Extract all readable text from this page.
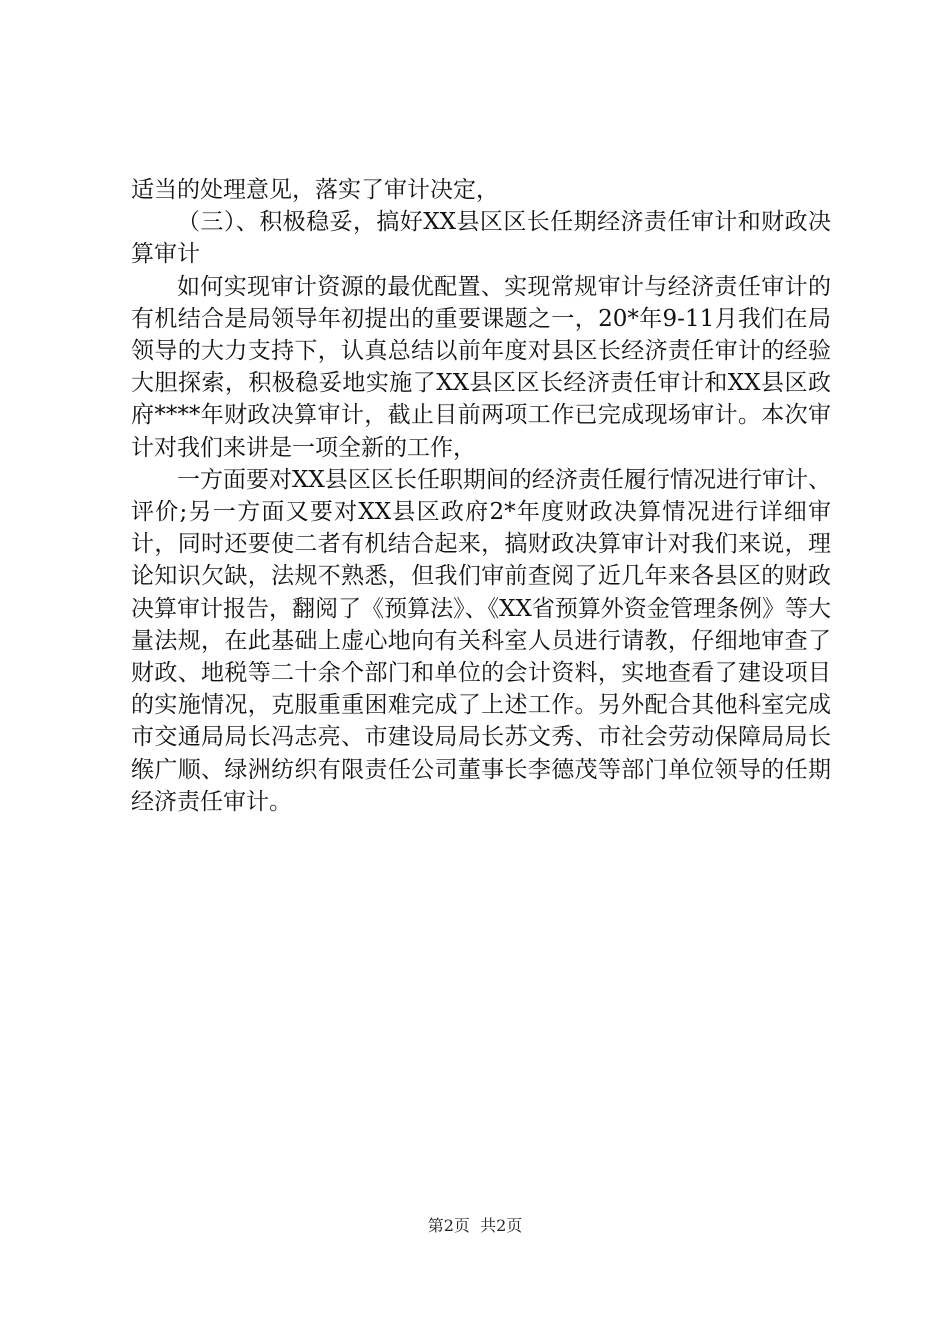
适当的处理意见，落实了审计决定，

（三）、积极稳妥，搞好XX县区区长任期经济责任审计和财政决算审计

如何实现审计资源的最优配置、实现常规审计与经济责任审计的有机结合是局领导年初提出的重要课题之一，20*年9-11月我们在局领导的大力支持下，认真总结以前年度对县区长经济责任审计的经验大胆探索，积极稳妥地实施了XX县区区长经济责任审计和XX县区政府****年财政决算审计，截止目前两项工作已完成现场审计。本次审计对我们来讲是一项全新的工作，

一方面要对XX县区区长任职期间的经济责任履行情况进行审计、评价;另一方面又要对XX县区政府2*年度财政决算情况进行详细审计，同时还要使二者有机结合起来，搞财政决算审计对我们来说，理论知识欠缺，法规不熟悉，但我们审前查阅了近几年来各县区的财政决算审计报告，翻阅了《预算法》、《XX省预算外资金管理条例》等大量法规，在此基础上虚心地向有关科室人员进行请教，仔细地审查了财政、地税等二十余个部门和单位的会计资料，实地查看了建设项目的实施情况，克服重重困难完成了上述工作。另外配合其他科室完成市交通局局长冯志亮、市建设局局长苏文秀、市社会劳动保障局局长缑广顺、绿洲纺织有限责任公司董事长李德茂等部门单位领导的任期经济责任审计。

第2页  共2页
